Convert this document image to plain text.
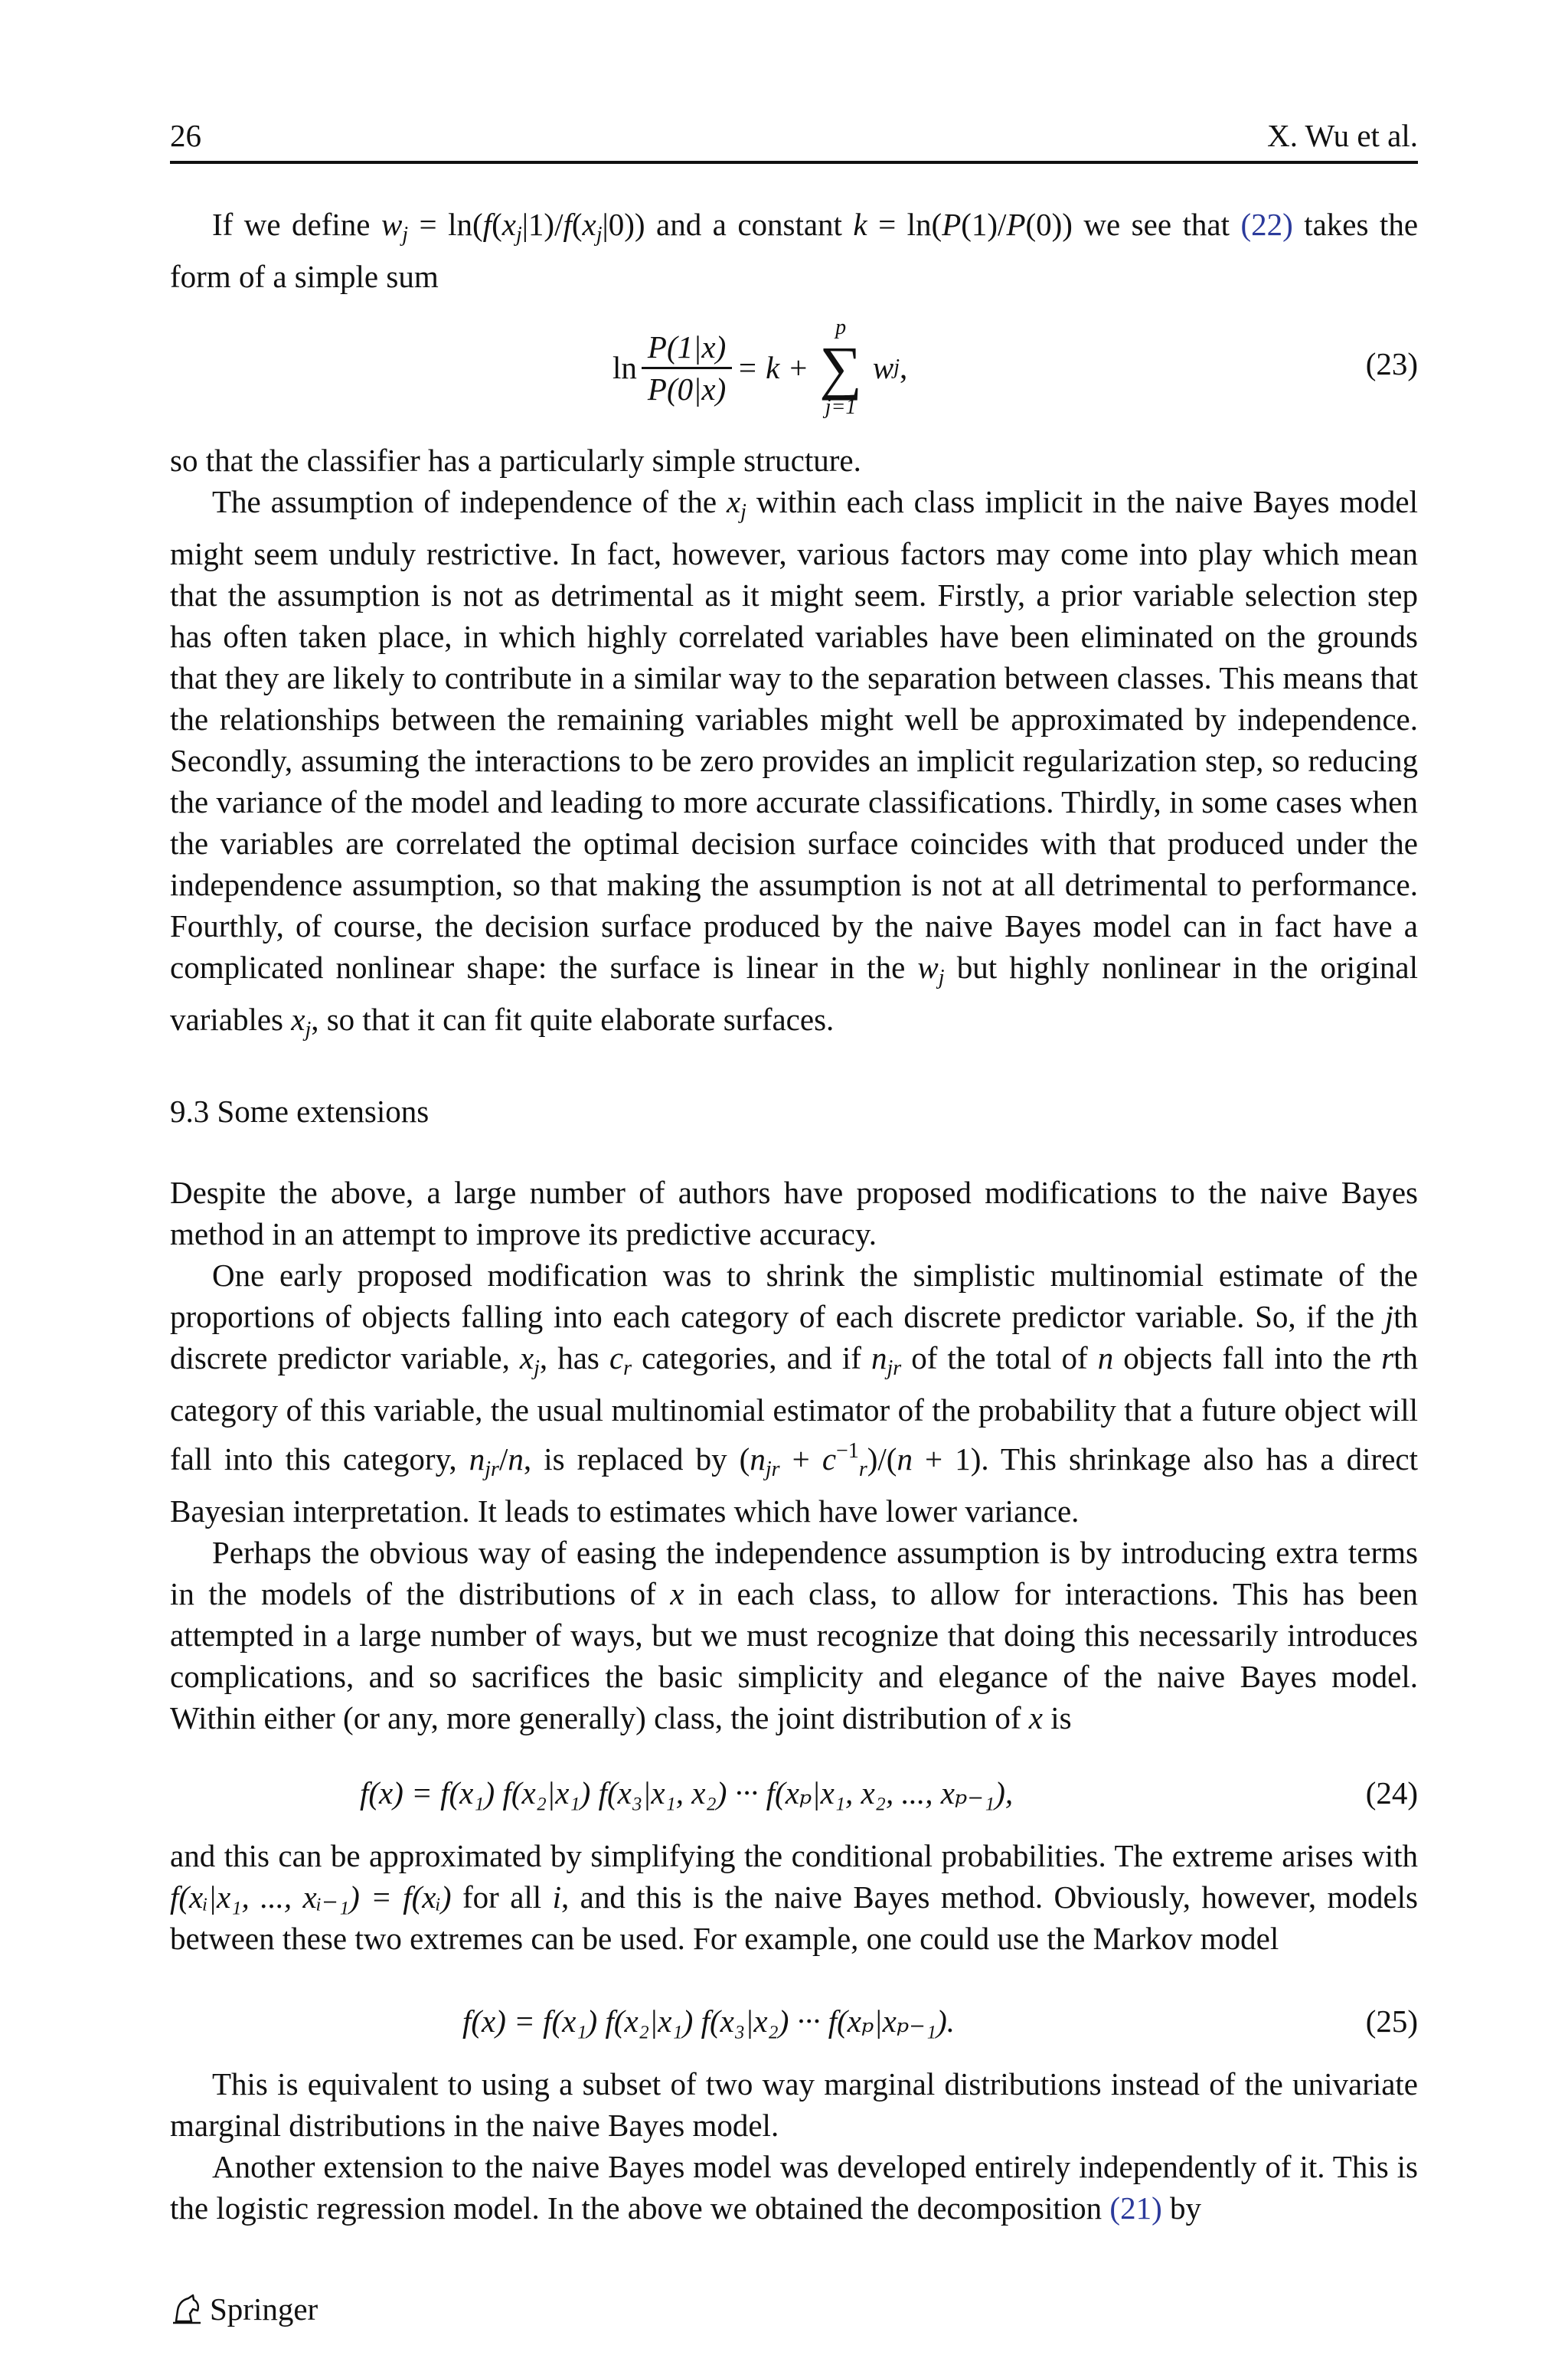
26	X. Wu et al.

If we define $w_j = \ln(f(x_j|1)/f(x_j|0))$ and a constant k = ln(P(1)/P(0)) we see that (22) takes the form of a simple sum

$\ln \frac{P(1|x)}{P(0|x)} = k$ +
p
∑
j=1
w j ,	(23)

so that the classifier has a particularly simple structure.

The assumption of independence of the $x_j$ within each class implicit in the naive Bayes model might seem unduly restrictive. In fact, however, various factors may come into play which mean that the assumption is not as detrimental as it might seem. Firstly, a prior variable selection step has often taken place, in which highly correlated variables have been eliminated on the grounds that they are likely to contribute in a similar way to the separation between classes. This means that the relationships between the remaining variables might well be approximated by independence. Secondly, assuming the interactions to be zero provides an implicit regularization step, so reducing the variance of the model and leading to more accurate classifications. Thirdly, in some cases when the variables are correlated the optimal decision surface coincides with that produced under the independence assumption, so that making the assumption is not at all detrimental to performance. Fourthly, of course, the decision surface produced by the naive Bayes model can in fact have a complicated nonlinear shape: the surface is linear in the $w_j$ but highly nonlinear in the original variables $x_j$, so that it can fit quite elaborate surfaces.

9.3 Some extensions

Despite the above, a large number of authors have proposed modifications to the naive Bayes method in an attempt to improve its predictive accuracy.

One early proposed modification was to shrink the simplistic multinomial estimate of the proportions of objects falling into each category of each discrete predictor variable. So, if the jth discrete predictor variable, $x_j$, has $c_r$ categories, and if $n_{jr}$ of the total of n objects fall into the rth category of this variable, the usual multinomial estimator of the probability that a future object will fall into this category, $n_{jr}/n$, is replaced by $(n_{jr} + c^{-1}_r)/(n + 1)$. This shrinkage also has a direct Bayesian interpretation. It leads to estimates which have lower variance.

Perhaps the obvious way of easing the independence assumption is by introducing extra terms in the models of the distributions of x in each class, to allow for interactions. This has been attempted in a large number of ways, but we must recognize that doing this necessarily introduces complications, and so sacrifices the basic simplicity and elegance of the naive Bayes model. Within either (or any, more generally) class, the joint distribution of x is

f(x) = f(x₁) f(x₂|x₁) f(x₃|x₁, x₂) ··· f(xₚ|x₁, x₂, ..., xₚ₋₁),	(24)

and this can be approximated by simplifying the conditional probabilities. The extreme arises with f(xᵢ|x₁, ..., xᵢ₋₁) = f(xᵢ) for all i, and this is the naive Bayes method. Obviously, however, models between these two extremes can be used. For example, one could use the Markov model

f(x) = f(x₁) f(x₂|x₁) f(x₃|x₂) ··· f(xₚ|xₚ₋₁).	(25)

This is equivalent to using a subset of two way marginal distributions instead of the univariate marginal distributions in the naive Bayes model.

Another extension to the naive Bayes model was developed entirely independently of it. This is the logistic regression model. In the above we obtained the decomposition (21) by

Springer
